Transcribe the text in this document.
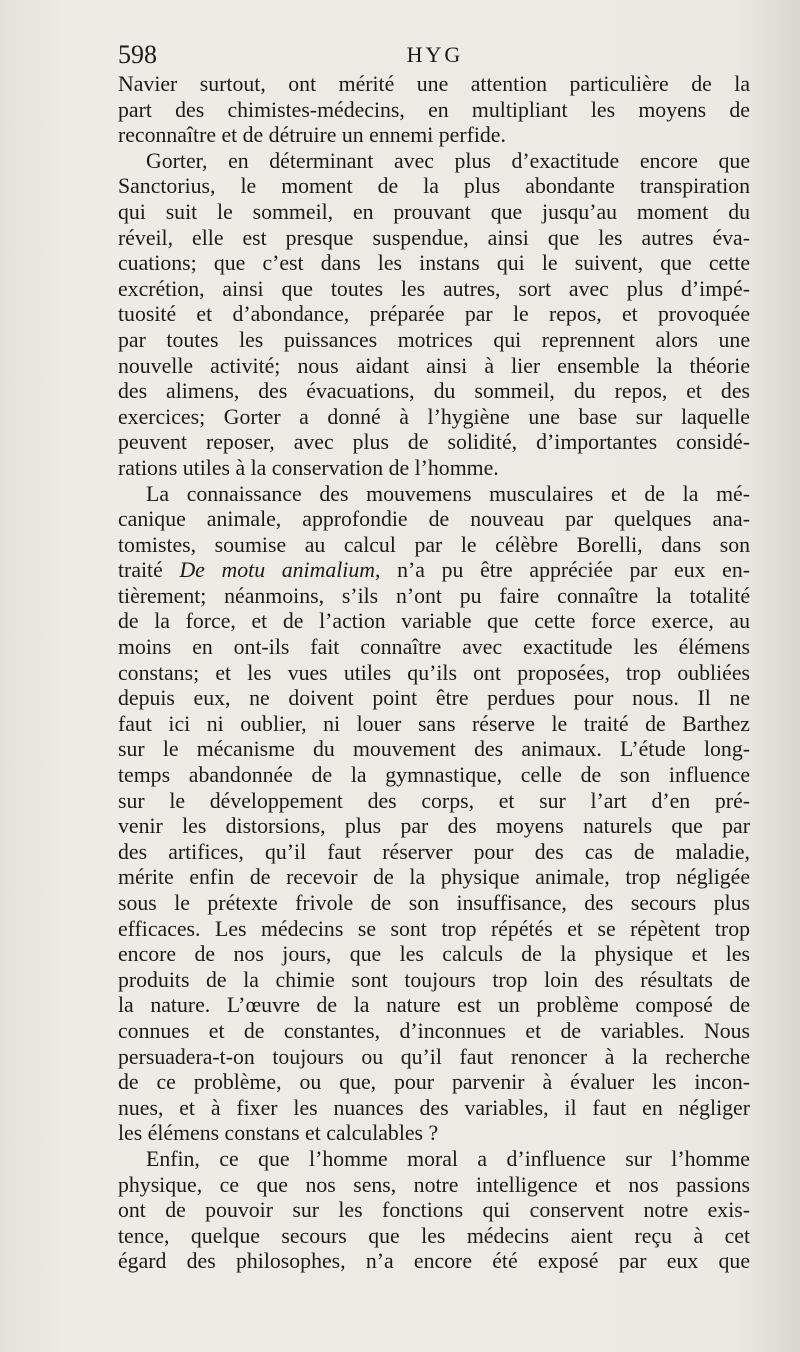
598	HYG
Navier surtout, ont mérité une attention particulière de la
part des chimistes-médecins, en multipliant les moyens de
reconnaître et de détruire un ennemi perfide.
Gorter, en déterminant avec plus d’exactitude encore que
Sanctorius, le moment de la plus abondante transpiration
qui suit le sommeil, en prouvant que jusqu’au moment du
réveil, elle est presque suspendue, ainsi que les autres éva-
cuations; que c’est dans les instans qui le suivent, que cette
excrétion, ainsi que toutes les autres, sort avec plus d’impé-
tuosité et d’abondance, préparée par le repos, et provoquée
par toutes les puissances motrices qui reprennent alors une
nouvelle activité; nous aidant ainsi à lier ensemble la théorie
des alimens, des évacuations, du sommeil, du repos, et des
exercices; Gorter a donné à l’hygiène une base sur laquelle
peuvent reposer, avec plus de solidité, d’importantes considé-
rations utiles à la conservation de l’homme.
La connaissance des mouvemens musculaires et de la mé-
canique animale, approfondie de nouveau par quelques ana-
tomistes, soumise au calcul par le célèbre Borelli, dans son
traité De motu animalium, n’a pu être appréciée par eux en-
tièrement; néanmoins, s’ils n’ont pu faire connaître la totalité
de la force, et de l’action variable que cette force exerce, au
moins en ont-ils fait connaître avec exactitude les élémens
constans; et les vues utiles qu’ils ont proposées, trop oubliées
depuis eux, ne doivent point être perdues pour nous. Il ne
faut ici ni oublier, ni louer sans réserve le traité de Barthez
sur le mécanisme du mouvement des animaux. L’étude long-
temps abandonnée de la gymnastique, celle de son influence
sur le développement des corps, et sur l’art d’en pré-
venir les distorsions, plus par des moyens naturels que par
des artifices, qu’il faut réserver pour des cas de maladie,
mérite enfin de recevoir de la physique animale, trop négligée
sous le prétexte frivole de son insuffisance, des secours plus
efficaces. Les médecins se sont trop répétés et se répètent trop
encore de nos jours, que les calculs de la physique et les
produits de la chimie sont toujours trop loin des résultats de
la nature. L’œuvre de la nature est un problème composé de
connues et de constantes, d’inconnues et de variables. Nous
persuadera-t-on toujours ou qu’il faut renoncer à la recherche
de ce problème, ou que, pour parvenir à évaluer les incon-
nues, et à fixer les nuances des variables, il faut en négliger
les élémens constans et calculables ?
Enfin, ce que l’homme moral a d’influence sur l’homme
physique, ce que nos sens, notre intelligence et nos passions
ont de pouvoir sur les fonctions qui conservent notre exis-
tence, quelque secours que les médecins aient reçu à cet
égard des philosophes, n’a encore été exposé par eux que
